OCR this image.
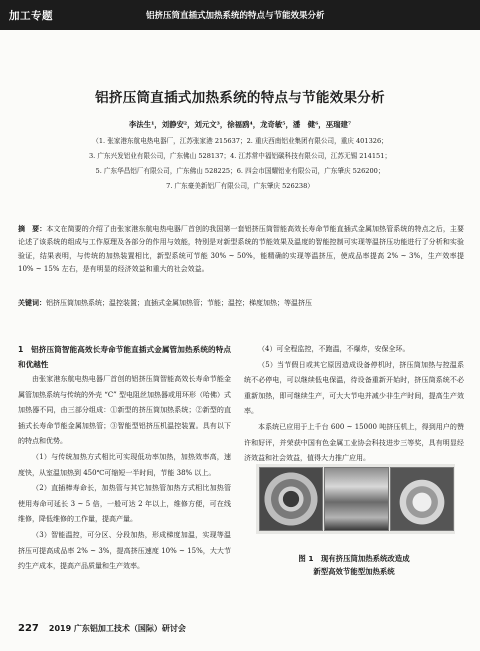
加工专题	铝挤压筒直插式加热系统的特点与节能效果分析
铝挤压筒直插式加热系统的特点与节能效果分析
李法生¹，刘静安²，刘元文³，徐福鸥⁴，龙奇敏⁵，潘　健⁶，巫瑞建⁷
（1. 张家港东航电热电器厂，江苏张家港 215637；2. 重庆西南铝业集团有限公司，重庆 401326；
3. 广东兴发铝业有限公司，广东佛山 528137；4. 江苏常中福铝碳科技有限公司，江苏无锡 214151；
5. 广东华昌铝厂有限公司，广东佛山 528225；6. 四会市国耀铝业有限公司，广东肇庆 526200；
7. 广东豪美新铝厂有限公司，广东肇庆 526238）
摘　要：本文在简要的介绍了由张家港东航电热电器厂首创的我国第一套铝挤压筒智能高效长寿命节能直插式金属加热管系统的特点之后，主要论述了该系统的组成与工作原理及各部分的作用与效能，特别是对新型系统的节能效果及温度的智能控制可实现等温挤压功能进行了分析和实验验证，结果表明，与传统的加热装置相比，新型系统可节能 30% ~ 50%，能精确的实现等温挤压，使成品率提高 2% ~ 3%，生产效率提 10% ~ 15% 左右，是有明显的经济效益和重大的社会效益。
关键词：铝挤压筒加热系统；温控装置；直插式金属加热管；节能；温控；梯度加热；等温挤压
1　铝挤压筒智能高效长寿命节能直插式金属管加热系统的特点和优越性

由张家港东航电热电器厂首创的铝挤压筒智能高效长寿命节能金属管加热系统与传统的外壳 “C” 型电阻丝加热器或用环形（哈佛）式加热器不同，由三部分组成：①新型的挤压筒加热系统；②新型的直插式长寿命节能金属加热管；③智能型铝挤压机温控装置。具有以下的特点和优势。

（1）与传统加热方式相比可实现低功率加热，加热效率高，速度快，从室温加热到 450℃可缩短一半时间，节能 38% 以上。

（2）直插棒寿命长，加热管与其它加热管加热方式相比加热管使用寿命可延长 3 ~ 5 倍，一般可达 2 年以上，维修方便，可在线维修，降低维修的工作量，提高产量。

（3）智能温控，可分区、分段加热，形成梯度加温，实现等温挤压可提高成品率 2% ~ 3%，提高挤压速度 10% ~ 15%，大大节约生产成本，提高产品质量和生产效率。

（4）可全程监控，不跑温，不爆炸，安保全环。

（5）当节假日或其它原因造成设备停机时，挤压筒加热与控温系统不必停电，可以继续低电保温，待设备重新开始时，挤压筒系统不必重新加热，即可继续生产，可大大节电并减少非生产时间，提高生产效率。

本系统已应用于上千台 600 ~ 15000 吨挤压机上，得到用户的赞许和好评，并荣获中国有色金属工业协会科技进步三等奖，具有明显经济效益和社会效益，值得大力推广应用。

图 1　现有挤压筒加热系统改造成
新型高效节能型加热系统
227 2019 广东铝加工技术（国际）研讨会
